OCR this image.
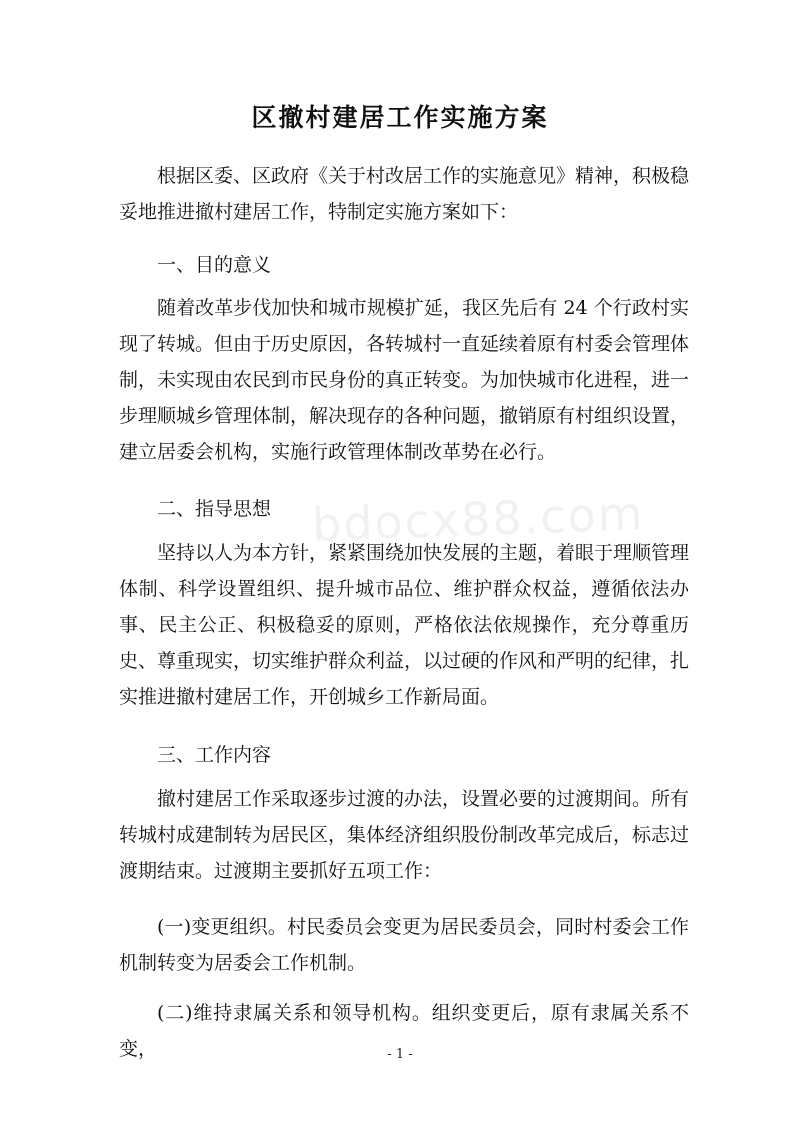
bdocx88.com
区撤村建居工作实施方案

根据区委、区政府《关于村改居工作的实施意见》精神，积极稳妥地推进撤村建居工作，特制定实施方案如下：

一、目的意义

随着改革步伐加快和城市规模扩延，我区先后有 24 个行政村实现了转城。但由于历史原因，各转城村一直延续着原有村委会管理体制，未实现由农民到市民身份的真正转变。为加快城市化进程，进一步理顺城乡管理体制，解决现存的各种问题，撤销原有村组织设置，建立居委会机构，实施行政管理体制改革势在必行。

二、指导思想

坚持以人为本方针，紧紧围绕加快发展的主题，着眼于理顺管理体制、科学设置组织、提升城市品位、维护群众权益，遵循依法办事、民主公正、积极稳妥的原则，严格依法依规操作，充分尊重历史、尊重现实，切实维护群众利益，以过硬的作风和严明的纪律，扎实推进撤村建居工作，开创城乡工作新局面。

三、工作内容

撤村建居工作采取逐步过渡的办法，设置必要的过渡期间。所有转城村成建制转为居民区，集体经济组织股份制改革完成后，标志过渡期结束。过渡期主要抓好五项工作：

(一)变更组织。村民委员会变更为居民委员会，同时村委会工作机制转变为居委会工作机制。

(二)维持隶属关系和领导机构。组织变更后，原有隶属关系不变，	- 1 -
